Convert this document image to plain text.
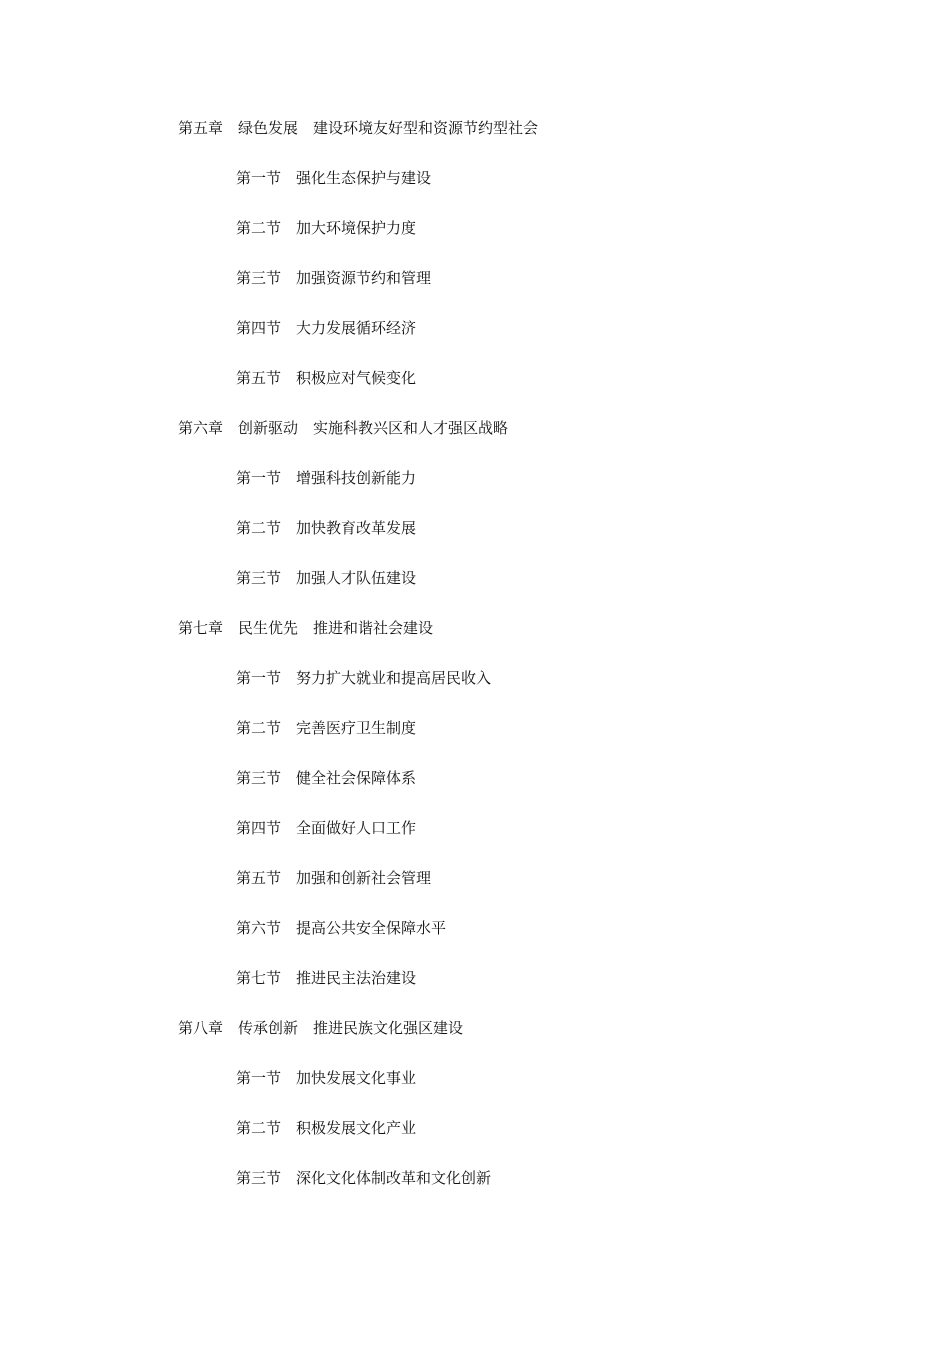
第五章 绿色发展　建设环境友好型和资源节约型社会
第一节 强化生态保护与建设
第二节 加大环境保护力度
第三节 加强资源节约和管理
第四节 大力发展循环经济
第五节 积极应对气候变化
第六章 创新驱动　实施科教兴区和人才强区战略
第一节 增强科技创新能力
第二节 加快教育改革发展
第三节 加强人才队伍建设
第七章 民生优先　推进和谐社会建设
第一节 努力扩大就业和提高居民收入
第二节 完善医疗卫生制度
第三节 健全社会保障体系
第四节 全面做好人口工作
第五节 加强和创新社会管理
第六节 提高公共安全保障水平
第七节 推进民主法治建设
第八章 传承创新　推进民族文化强区建设
第一节 加快发展文化事业
第二节 积极发展文化产业
第三节 深化文化体制改革和文化创新
